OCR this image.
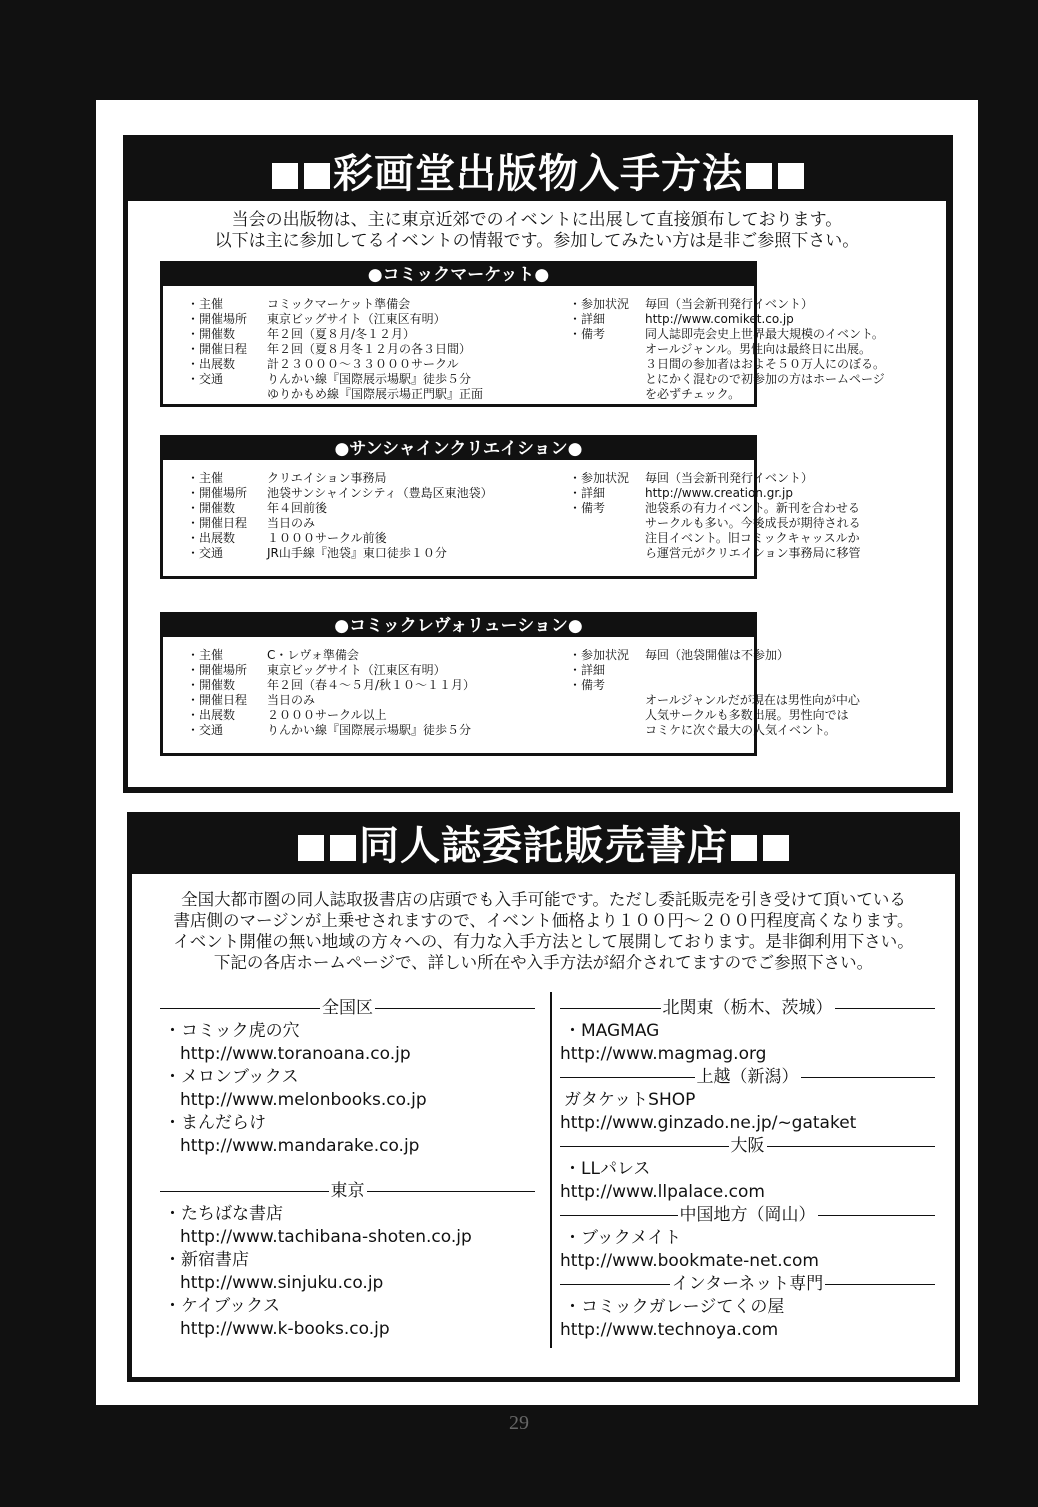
彩画堂出版物入手方法

当会の出版物は、主に東京近郊でのイベントに出展して直接頒布しております。

以下は主に参加してるイベントの情報です。参加してみたい方は是非ご参照下さい。

●コミックマーケット●
・主催	コミックマーケット準備会
・開催場所 東京ビッグサイト（江東区有明）
・開催数	年２回（夏８月/冬１２月）
・開催日程 年２回（夏８月冬１２月の各３日間）
・出展数	計２３０００～３３０００サークル
・交通	りんかい線『国際展示場駅』徒歩５分
ゆりかもめ線『国際展示場正門駅』正面
・参加状況 毎回（当会新刊発行イベント）
・詳細	http://www.comiket.co.jp
・備考	同人誌即売会史上世界最大規模のイベント。
オールジャンル。男性向は最終日に出展。
３日間の参加者はおよそ５０万人にのぼる。
とにかく混むので初参加の方はホームページ
を必ずチェック。
●サンシャインクリエイション●
・主催	クリエイション事務局
・開催場所 池袋サンシャインシティ（豊島区東池袋）
・開催数	年４回前後
・開催日程 当日のみ
・出展数	１０００サークル前後
・交通	JR山手線『池袋』東口徒歩１０分
・参加状況 毎回（当会新刊発行イベント）
・詳細	http://www.creation.gr.jp
・備考	池袋系の有力イベント。新刊を合わせる
サークルも多い。今後成長が期待される
注目イベント。旧コミックキャッスルか
ら運営元がクリエイション事務局に移管
●コミックレヴォリューション●
・主催	C・レヴォ準備会
・開催場所 東京ビッグサイト（江東区有明）
・開催数	年２回（春４～５月/秋１０～１１月）
・開催日程 当日のみ
・出展数	２０００サークル以上
・交通	りんかい線『国際展示場駅』徒歩５分
・参加状況 毎回（池袋開催は不参加）
・詳細
・備考
オールジャンルだが現在は男性向が中心
人気サークルも多数出展。男性向では
コミケに次ぐ最大の人気イベント。
同人誌委託販売書店

全国大都市圏の同人誌取扱書店の店頭でも入手可能です。ただし委託販売を引き受けて頂いている

書店側のマージンが上乗せされますので、イベント価格より１００円～２００円程度高くなります。

イベント開催の無い地域の方々への、有力な入手方法として展開しております。是非御利用下さい。

下記の各店ホームページで、詳しい所在や入手方法が紹介されてますのでご参照下さい。

全国区
・コミック虎の穴
http://www.toranoana.co.jp
・メロンブックス
http://www.melonbooks.co.jp
・まんだらけ
http://www.mandarake.co.jp
東京
・たちばな書店
http://www.tachibana-shoten.co.jp
・新宿書店
http://www.sinjuku.co.jp
・ケイブックス
http://www.k-books.co.jp
北関東（栃木、茨城）
・MAGMAG
http://www.magmag.org
上越（新潟）
ガタケットSHOP
http://www.ginzado.ne.jp/~gataket
大阪
・LLパレス
http://www.llpalace.com
中国地方（岡山）
・ブックメイト
http://www.bookmate-net.com
インターネット専門
・コミックガレージてくの屋
http://www.technoya.com
29
